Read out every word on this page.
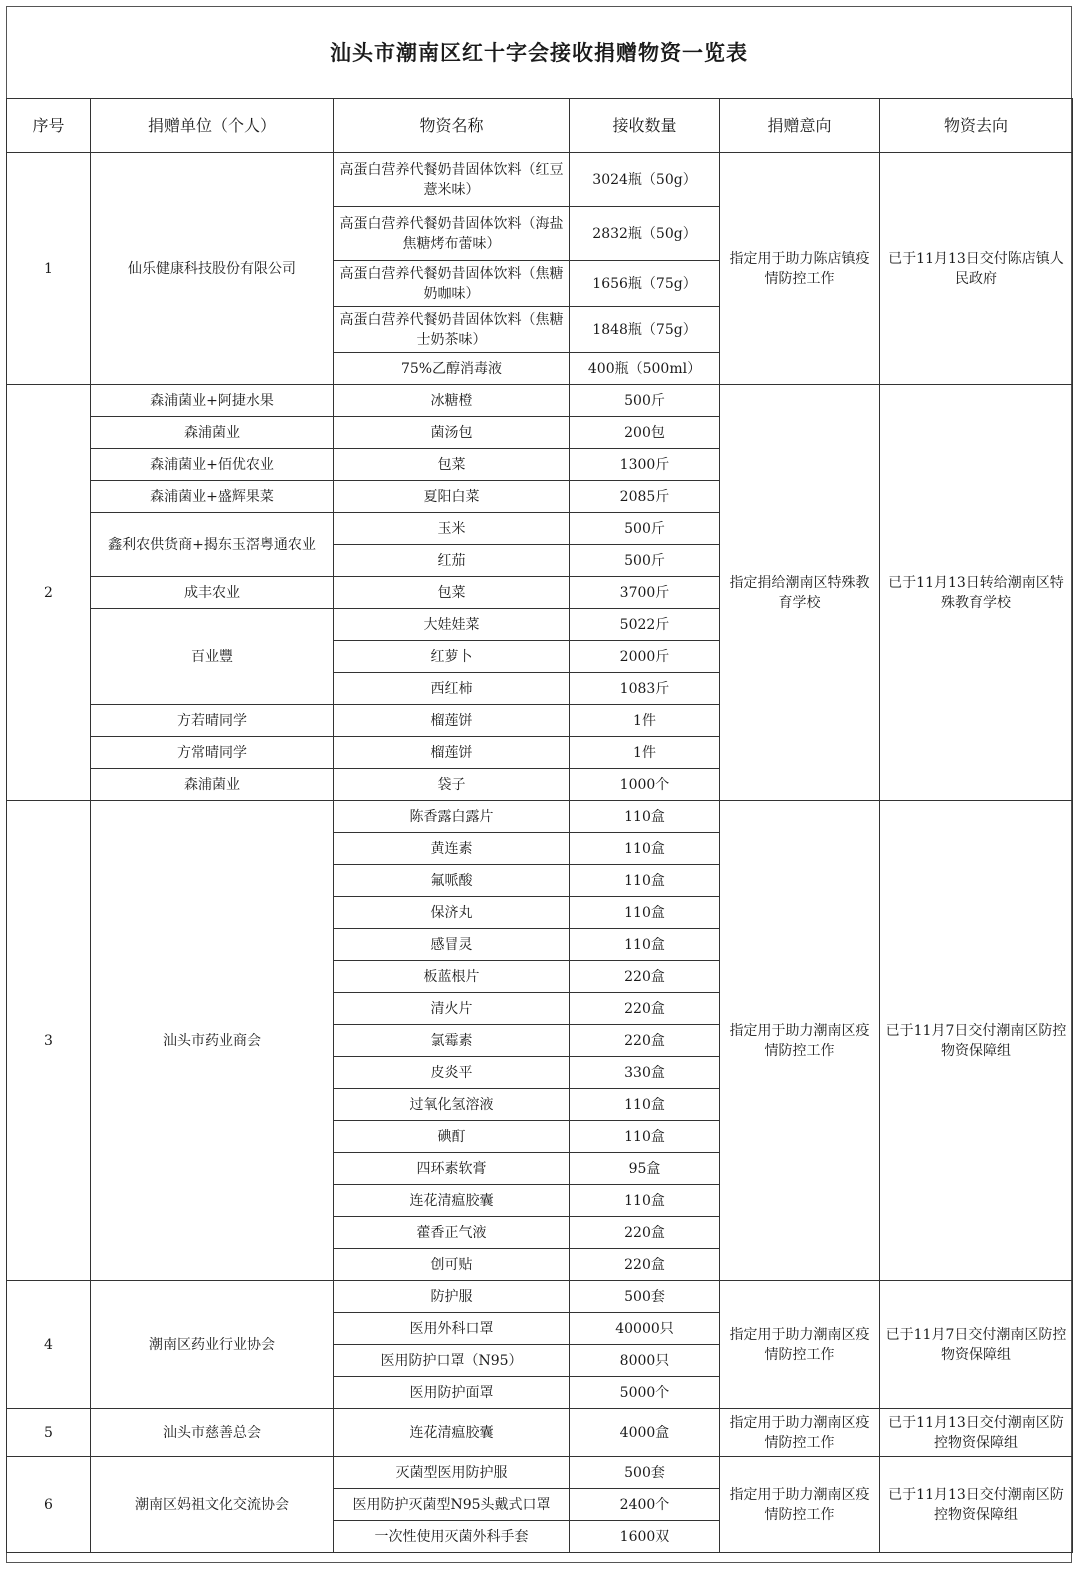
汕头市潮南区红十字会接收捐赠物资一览表
序号	捐赠单位（个人）	物资名称	接收数量	捐赠意向	物资去向
1	仙乐健康科技股份有限公司	高蛋白营养代餐奶昔固体饮料（红豆薏米味）	3024瓶（50g）	指定用于助力陈店镇疫情防控工作	已于11月13日交付陈店镇人民政府
		高蛋白营养代餐奶昔固体饮料（海盐焦糖烤布蕾味）	2832瓶（50g）		
		高蛋白营养代餐奶昔固体饮料（焦糖奶咖味）	1656瓶（75g）		
		高蛋白营养代餐奶昔固体饮料（焦糖士奶茶味）	1848瓶（75g）		
		75%乙醇消毒液	400瓶（500ml）		
2	森浦菌业+阿捷水果	冰糖橙	500斤	指定捐给潮南区特殊教育学校	已于11月13日转给潮南区特殊教育学校
	森浦菌业	菌汤包	200包		
	森浦菌业+佰优农业	包菜	1300斤		
	森浦菌业+盛辉果菜	夏阳白菜	2085斤		
	鑫利农供货商+揭东玉滘粤通农业	玉米	500斤		
		红茄	500斤		
	成丰农业	包菜	3700斤		
	百业豐	大娃娃菜	5022斤		
		红萝卜	2000斤		
		西红柿	1083斤		
	方若晴同学	榴莲饼	1件		
	方常晴同学	榴莲饼	1件		
	森浦菌业	袋子	1000个		
3	汕头市药业商会	陈香露白露片	110盒	指定用于助力潮南区疫情防控工作	已于11月7日交付潮南区防控物资保障组
		黄连素	110盒		
		氟哌酸	110盒		
		保济丸	110盒		
		感冒灵	110盒		
		板蓝根片	220盒		
		清火片	220盒		
		氯霉素	220盒		
		皮炎平	330盒		
		过氧化氢溶液	110盒		
		碘酊	110盒		
		四环素软膏	95盒		
		连花清瘟胶囊	110盒		
		藿香正气液	220盒		
		创可贴	220盒		
4	潮南区药业行业协会	防护服	500套	指定用于助力潮南区疫情防控工作	已于11月7日交付潮南区防控物资保障组
		医用外科口罩	40000只		
		医用防护口罩（N95）	8000只		
		医用防护面罩	5000个		
5	汕头市慈善总会	连花清瘟胶囊	4000盒	指定用于助力潮南区疫情防控工作	已于11月13日交付潮南区防控物资保障组
6	潮南区妈祖文化交流协会	灭菌型医用防护服	500套	指定用于助力潮南区疫情防控工作	已于11月13日交付潮南区防控物资保障组
		医用防护灭菌型N95头戴式口罩	2400个		
		一次性使用灭菌外科手套	1600双		
